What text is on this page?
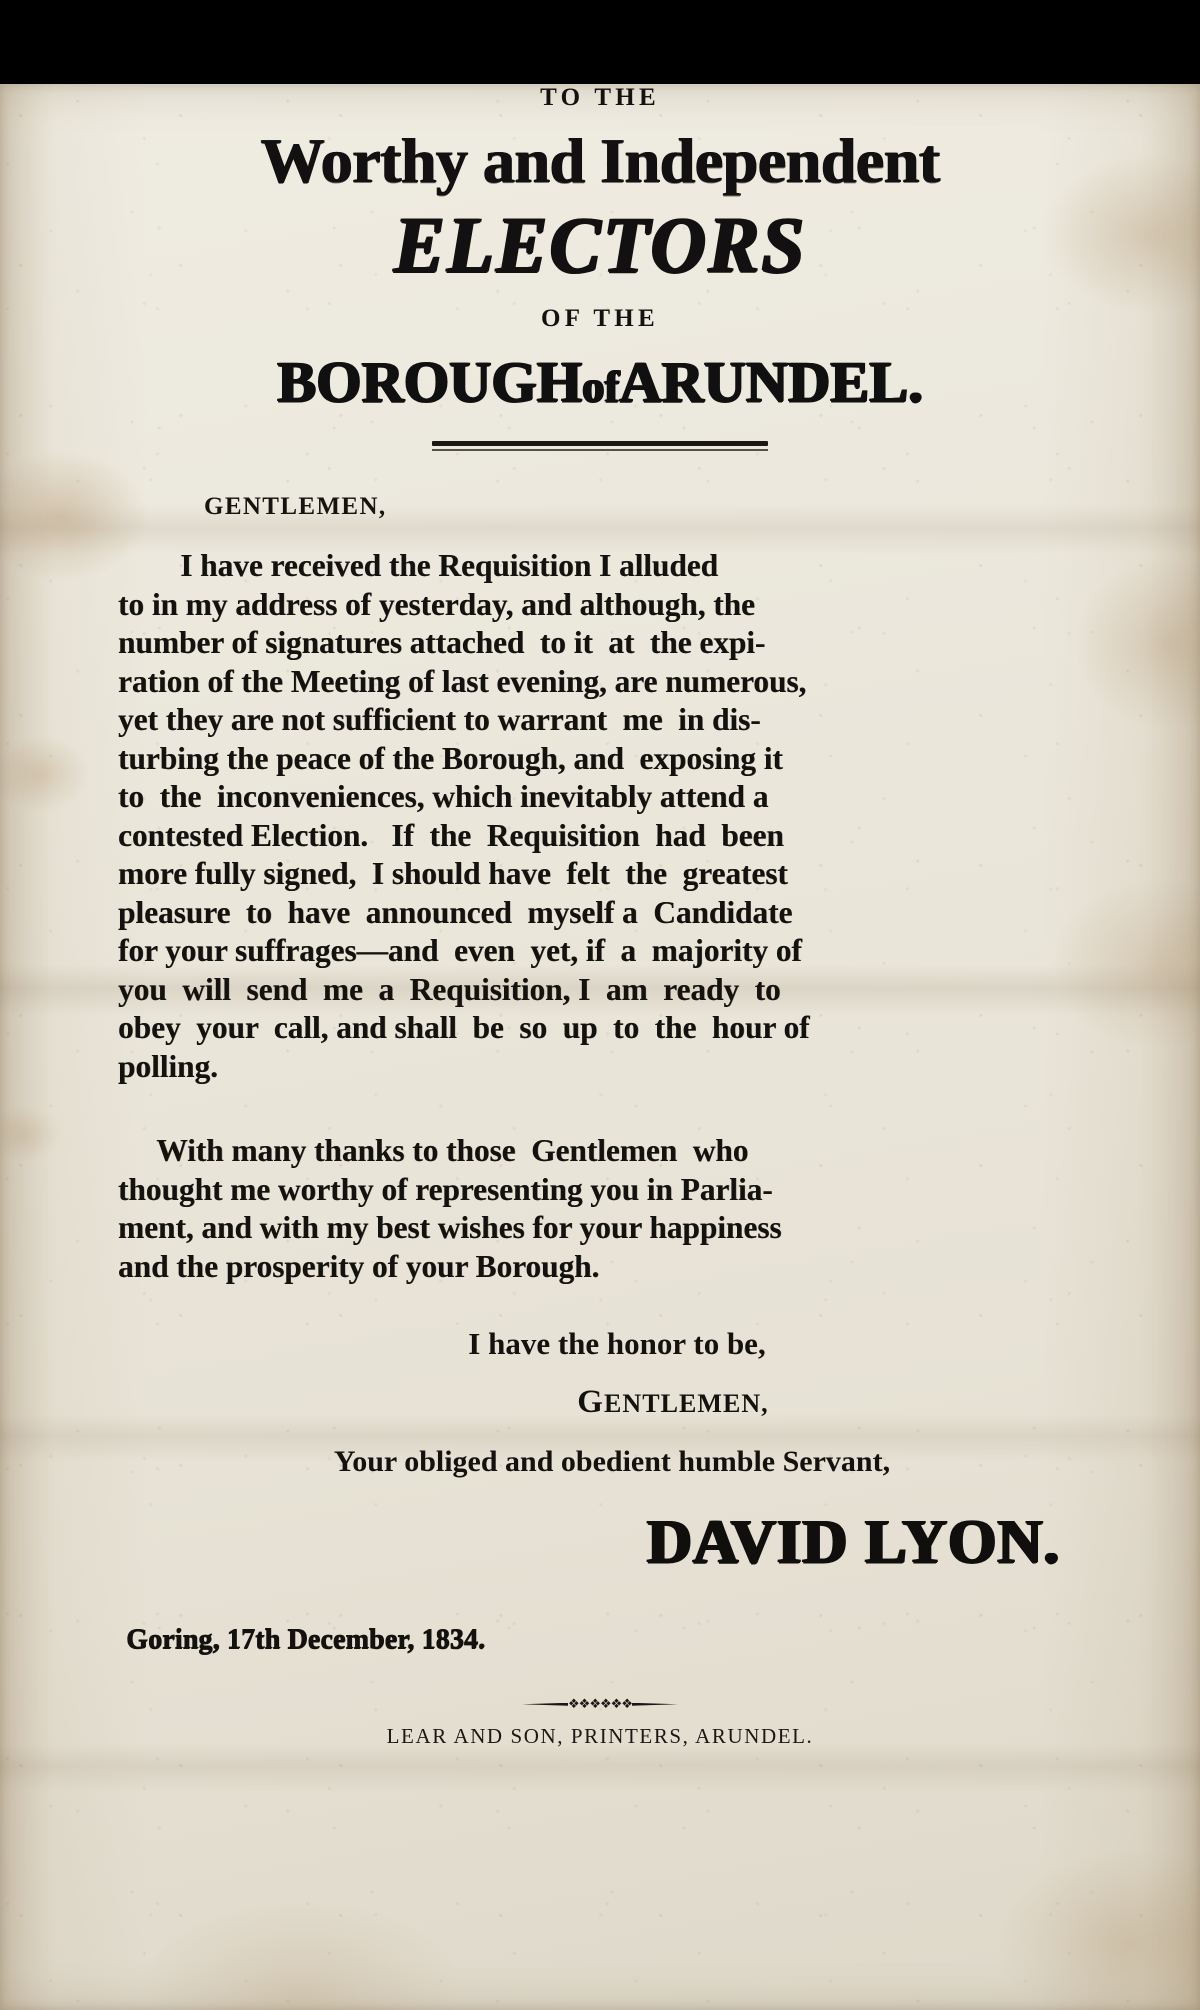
TO THE
Worthy and Independent
ELECTORS
OF THE
BOROUGHofARUNDEL.
GENTLEMEN,
I have received the Requisition I alluded
to in my address of yesterday, and although, the
number of signatures attached  to it  at  the expi-
ration of the Meeting of last evening, are numerous,
yet they are not sufficient to warrant  me  in dis-
turbing the peace of the Borough, and  exposing it
to  the  inconveniences, which inevitably attend a
contested Election.   If  the  Requisition  had  been
more fully signed,  I should have  felt  the  greatest
pleasure  to  have  announced  myself a  Candidate
for your suffrages—and  even  yet, if  a  majority of
you  will  send  me  a  Requisition, I  am  ready  to
obey  your  call, and shall  be  so  up  to  the  hour of
polling.
With many thanks to those  Gentlemen  who
thought me worthy of representing you in Parlia-
ment, and with my best wishes for your happiness
and the prosperity of your Borough.
I have the honor to be,
GENTLEMEN,
Your obliged and obedient humble Servant,
DAVID LYON.
Goring, 17th December, 1834.
❖❖❖❖❖❖
LEAR AND SON, PRINTERS, ARUNDEL.
